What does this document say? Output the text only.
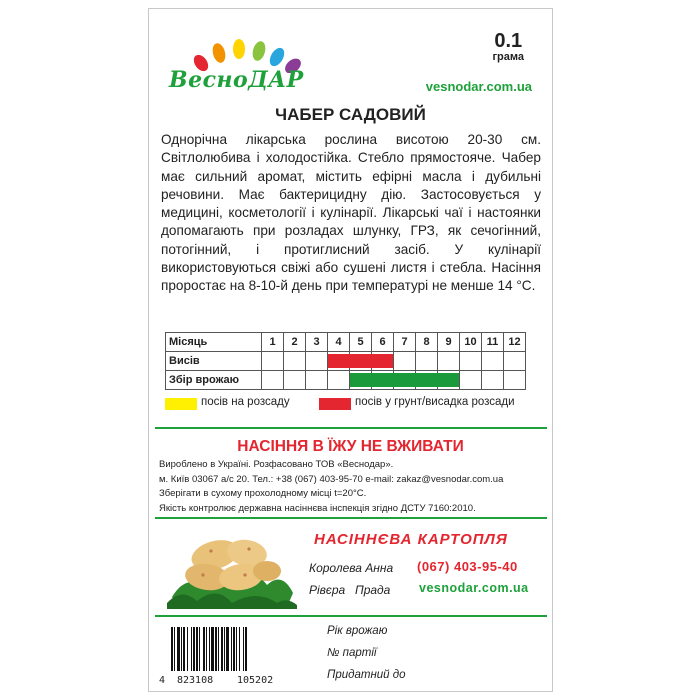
ВесноДАР
0.1
грама
vesnodar.com.ua
ЧАБЕР САДОВИЙ
Однорічна лікарська рослина висотою 20-30 см. Світлолюбива і холодостійка. Стебло прямостояче. Чабер має сильний аромат, містить ефірні масла і дубильні речовини. Має бактерицидну дію. Застосовується у медицині, косметології і кулінарії. Лікарські чаї і настоянки допомагають при розладах шлунку, ГРЗ, як сечогінний, потогінний, і протиглисний засіб. У кулінарії використовуються свіжі або сушені листя і стебла. Насіння проростає на 8-10-й день при температурі не менше 14 °С.
Місяць	1	2	3	4	5	6	7	8	9	10	11	12
Висів												
Збір врожаю												
посів на розсаду	посів у грунт/висадка розсади
НАСІННЯ В ЇЖУ НЕ ВЖИВАТИ
Вироблено в Україні. Розфасовано ТОВ «Веснодар».
м. Київ 03067 а/с 20. Тел.: +38 (067) 403-95-70 e-mail: zakaz@vesnodar.com.ua
Зберігати в сухому прохолодному місці t=20°С.
Якість контролює державна насіннєва інспекція згідно ДСТУ 7160:2010.
НАСІННЄВА КАРТОПЛЯ
Королева Анна
Рівєра Прада
(067) 403-95-40
vesnodar.com.ua
4 823108 105202
Рік врожаю
№ партії
Придатний до
